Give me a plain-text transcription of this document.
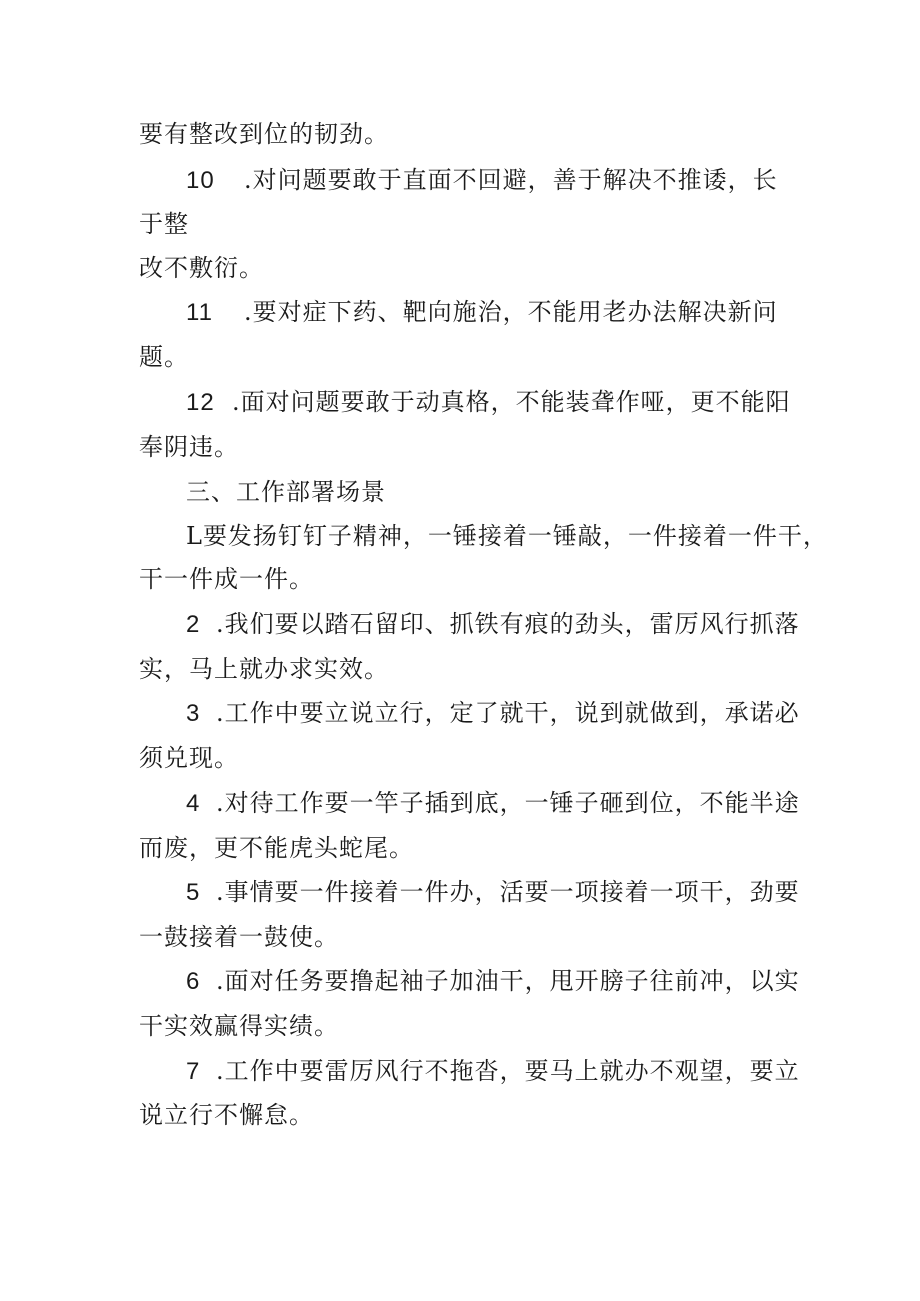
要有整改到位的韧劲。
10 .对问题要敢于直面不回避，善于解决不推诿，长
于整
改不敷衍。
11 .要对症下药、靶向施治，不能用老办法解决新问
题。
12 .面对问题要敢于动真格，不能装聋作哑，更不能阳
奉阴违。
三、工作部署场景
L要发扬钉钉子精神，一锤接着一锤敲，一件接着一件干，
干一件成一件。
2 .我们要以踏石留印、抓铁有痕的劲头，雷厉风行抓落
实，马上就办求实效。
3 .工作中要立说立行，定了就干，说到就做到，承诺必
须兑现。
4 .对待工作要一竿子插到底，一锤子砸到位，不能半途
而废，更不能虎头蛇尾。
5 .事情要一件接着一件办，活要一项接着一项干，劲要
一鼓接着一鼓使。
6 .面对任务要撸起袖子加油干，甩开膀子往前冲，以实
干实效赢得实绩。
7 .工作中要雷厉风行不拖沓，要马上就办不观望，要立
说立行不懈怠。
